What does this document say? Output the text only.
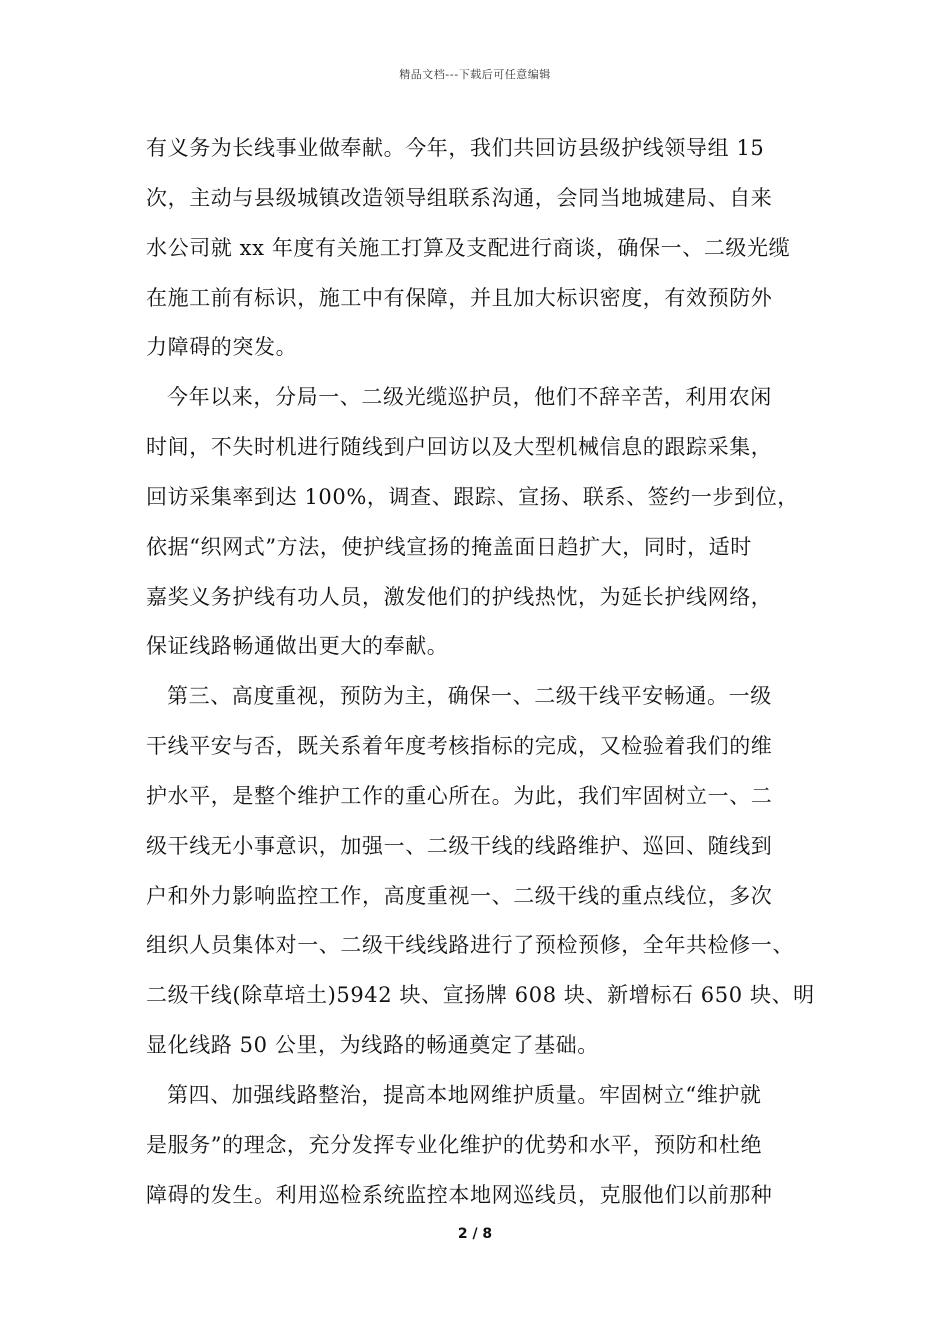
精品文档---下载后可任意编辑
有义务为长线事业做奉献。今年，我们共回访县级护线领导组 15
次，主动与县级城镇改造领导组联系沟通，会同当地城建局、自来
水公司就 xx 年度有关施工打算及支配进行商谈，确保一、二级光缆
在施工前有标识，施工中有保障，并且加大标识密度，有效预防外
力障碍的突发。
今年以来，分局一、二级光缆巡护员，他们不辞辛苦，利用农闲
时间，不失时机进行随线到户回访以及大型机械信息的跟踪采集，
回访采集率到达 100%，调查、跟踪、宣扬、联系、签约一步到位，
依据“织网式”方法，使护线宣扬的掩盖面日趋扩大，同时，适时
嘉奖义务护线有功人员，激发他们的护线热忱，为延长护线网络，
保证线路畅通做出更大的奉献。
第三、高度重视，预防为主，确保一、二级干线平安畅通。一级
干线平安与否，既关系着年度考核指标的完成，又检验着我们的维
护水平，是整个维护工作的重心所在。为此，我们牢固树立一、二
级干线无小事意识，加强一、二级干线的线路维护、巡回、随线到
户和外力影响监控工作，高度重视一、二级干线的重点线位，多次
组织人员集体对一、二级干线线路进行了预检预修，全年共检修一、
二级干线(除草培土)5942 块、宣扬牌 608 块、新增标石 650 块、明
显化线路 50 公里，为线路的畅通奠定了基础。
第四、加强线路整治，提高本地网维护质量。牢固树立“维护就
是服务”的理念，充分发挥专业化维护的优势和水平，预防和杜绝
障碍的发生。利用巡检系统监控本地网巡线员，克服他们以前那种
2 / 8
